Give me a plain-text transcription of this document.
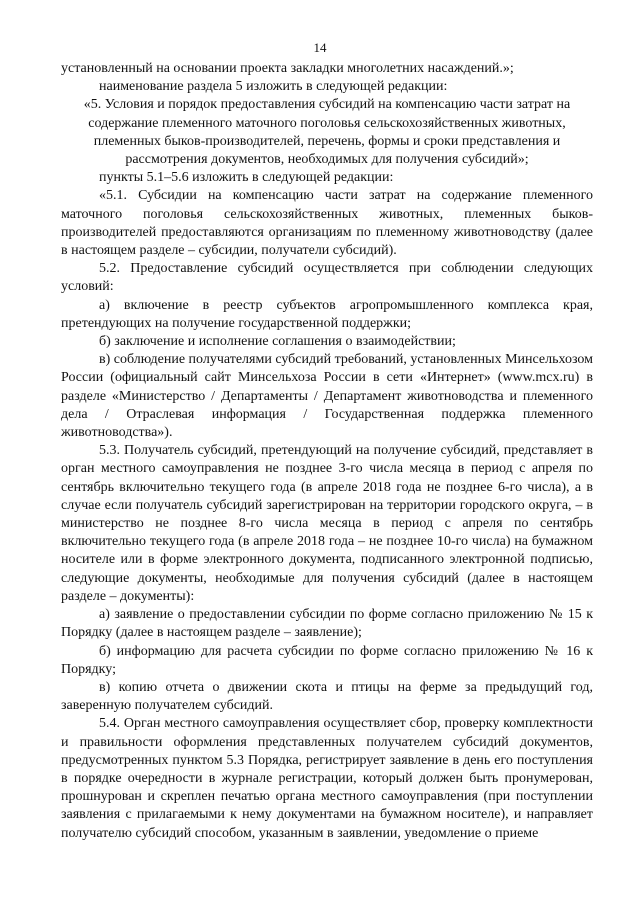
14

установленный на основании проекта закладки многолетних насаждений.»;

наименование раздела 5 изложить в следующей редакции:

«5. Условия и порядок предоставления субсидий на компенсацию части затрат на содержание племенного маточного поголовья сельскохозяйственных животных, племенных быков-производителей, перечень, формы и сроки представления и рассмотрения документов, необходимых для получения субсидий»;

пункты 5.1–5.6 изложить в следующей редакции:

«5.1. Субсидии на компенсацию части затрат на содержание племенного маточного поголовья сельскохозяйственных животных, племенных быков-производителей предоставляются организациям по племенному животноводству (далее в настоящем разделе – субсидии, получатели субсидий).

5.2. Предоставление субсидий осуществляется при соблюдении следующих условий:

а) включение в реестр субъектов агропромышленного комплекса края, претендующих на получение государственной поддержки;

б) заключение и исполнение соглашения о взаимодействии;

в) соблюдение получателями субсидий требований, установленных Минсельхозом России (официальный сайт Минсельхоза России в сети «Интернет» (www.mcx.ru) в разделе «Министерство / Департаменты / Департамент животноводства и племенного дела / Отраслевая информация / Государственная поддержка племенного животноводства»).

5.3. Получатель субсидий, претендующий на получение субсидий, представляет в орган местного самоуправления не позднее 3-го числа месяца в период с апреля по сентябрь включительно текущего года (в апреле 2018 года не позднее 6-го числа), а в случае если получатель субсидий зарегистрирован на территории городского округа, – в министерство не позднее 8-го числа месяца в период с апреля по сентябрь включительно текущего года (в апреле 2018 года – не позднее 10-го числа) на бумажном носителе или в форме электронного документа, подписанного электронной подписью, следующие документы, необходимые для получения субсидий (далее в настоящем разделе – документы):

а) заявление о предоставлении субсидии по форме согласно приложению № 15 к Порядку (далее в настоящем разделе – заявление);

б) информацию для расчета субсидии по форме согласно приложению № 16 к Порядку;

в) копию отчета о движении скота и птицы на ферме за предыдущий год, заверенную получателем субсидий.

5.4. Орган местного самоуправления осуществляет сбор, проверку комплектности и правильности оформления представленных получателем субсидий документов, предусмотренных пунктом 5.3 Порядка, регистрирует заявление в день его поступления в порядке очередности в журнале регистрации, который должен быть пронумерован, прошнурован и скреплен печатью органа местного самоуправления (при поступлении заявления с прилагаемыми к нему документами на бумажном носителе), и направляет получателю субсидий способом, указанным в заявлении, уведомление о приеме
